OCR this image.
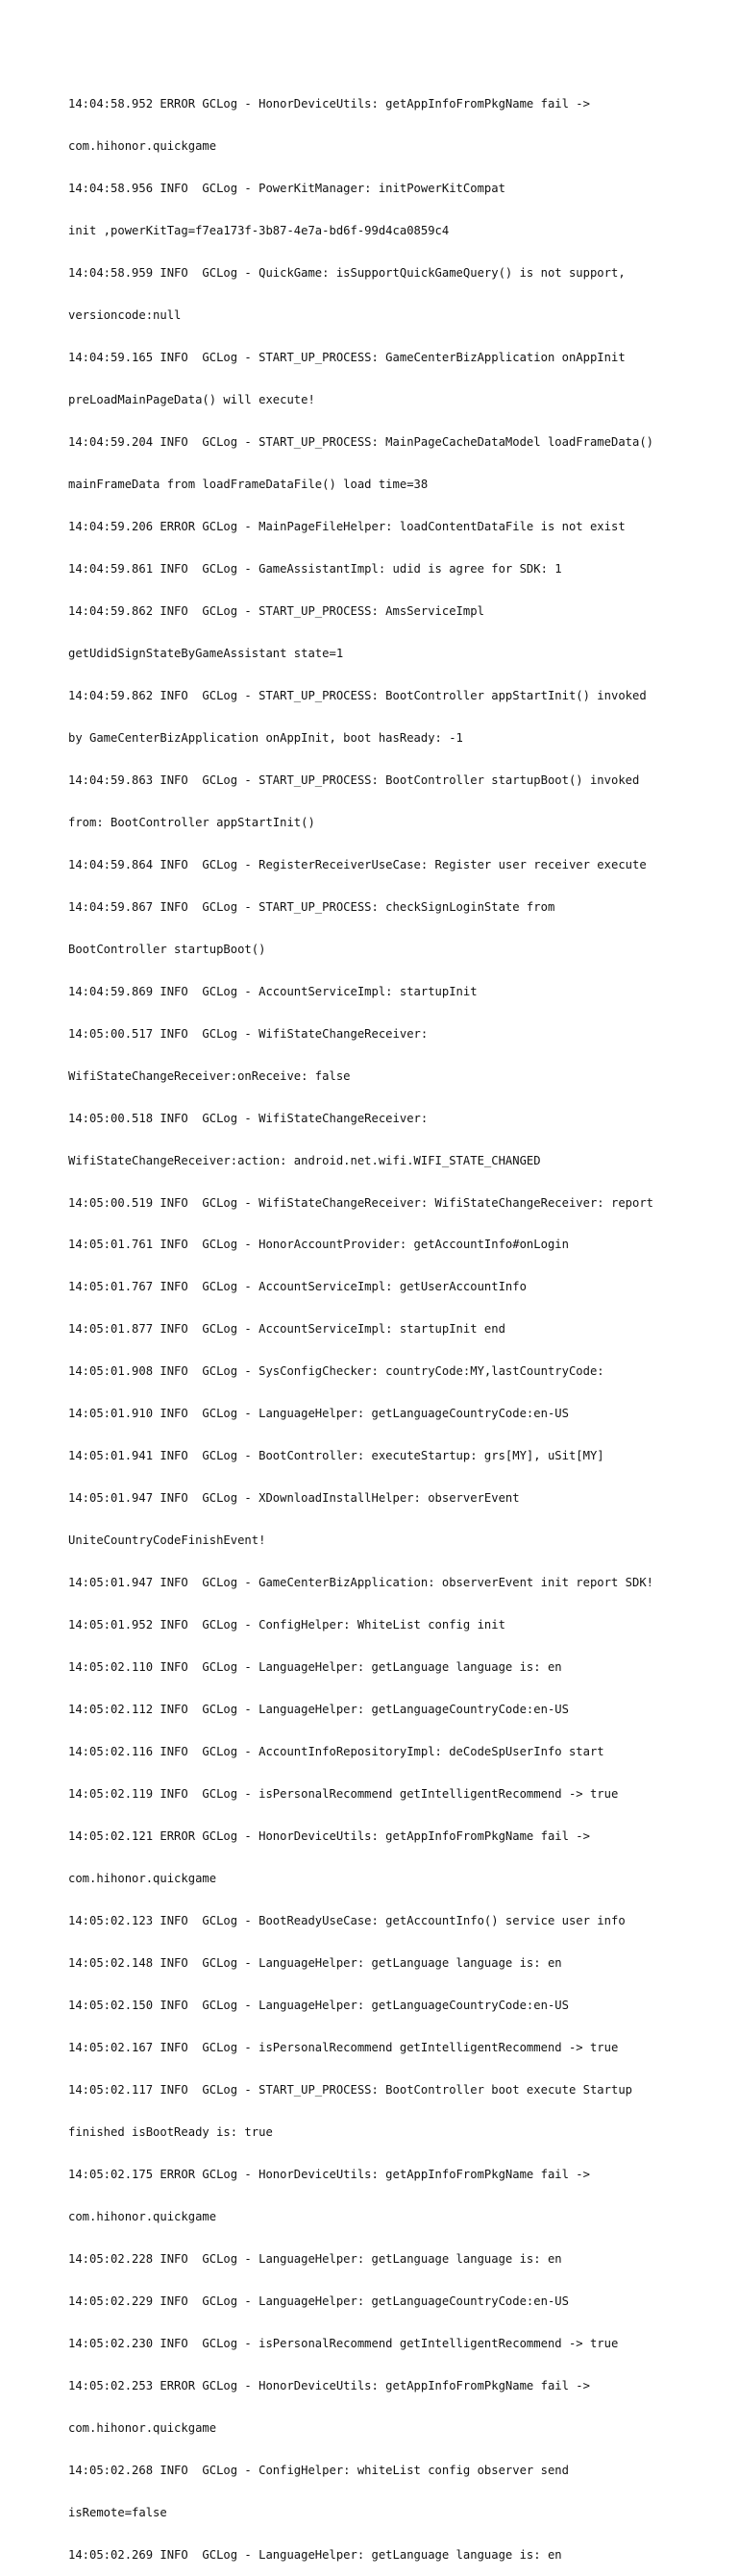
14:04:58.952 ERROR GCLog - HonorDeviceUtils: getAppInfoFromPkgName fail ->

com.hihonor.quickgame

14:04:58.956 INFO  GCLog - PowerKitManager: initPowerKitCompat

init ,powerKitTag=f7ea173f-3b87-4e7a-bd6f-99d4ca0859c4

14:04:58.959 INFO  GCLog - QuickGame: isSupportQuickGameQuery() is not support,

versioncode:null

14:04:59.165 INFO  GCLog - START_UP_PROCESS: GameCenterBizApplication onAppInit

preLoadMainPageData() will execute!

14:04:59.204 INFO  GCLog - START_UP_PROCESS: MainPageCacheDataModel loadFrameData()

mainFrameData from loadFrameDataFile() load time=38

14:04:59.206 ERROR GCLog - MainPageFileHelper: loadContentDataFile is not exist

14:04:59.861 INFO  GCLog - GameAssistantImpl: udid is agree for SDK: 1

14:04:59.862 INFO  GCLog - START_UP_PROCESS: AmsServiceImpl

getUdidSignStateByGameAssistant state=1

14:04:59.862 INFO  GCLog - START_UP_PROCESS: BootController appStartInit() invoked

by GameCenterBizApplication onAppInit, boot hasReady: -1

14:04:59.863 INFO  GCLog - START_UP_PROCESS: BootController startupBoot() invoked

from: BootController appStartInit()

14:04:59.864 INFO  GCLog - RegisterReceiverUseCase: Register user receiver execute

14:04:59.867 INFO  GCLog - START_UP_PROCESS: checkSignLoginState from

BootController startupBoot()

14:04:59.869 INFO  GCLog - AccountServiceImpl: startupInit

14:05:00.517 INFO  GCLog - WifiStateChangeReceiver:

WifiStateChangeReceiver:onReceive: false

14:05:00.518 INFO  GCLog - WifiStateChangeReceiver:

WifiStateChangeReceiver:action: android.net.wifi.WIFI_STATE_CHANGED

14:05:00.519 INFO  GCLog - WifiStateChangeReceiver: WifiStateChangeReceiver: report

14:05:01.761 INFO  GCLog - HonorAccountProvider: getAccountInfo#onLogin

14:05:01.767 INFO  GCLog - AccountServiceImpl: getUserAccountInfo

14:05:01.877 INFO  GCLog - AccountServiceImpl: startupInit end

14:05:01.908 INFO  GCLog - SysConfigChecker: countryCode:MY,lastCountryCode:

14:05:01.910 INFO  GCLog - LanguageHelper: getLanguageCountryCode:en-US

14:05:01.941 INFO  GCLog - BootController: executeStartup: grs[MY], uSit[MY]

14:05:01.947 INFO  GCLog - XDownloadInstallHelper: observerEvent

UniteCountryCodeFinishEvent!

14:05:01.947 INFO  GCLog - GameCenterBizApplication: observerEvent init report SDK!

14:05:01.952 INFO  GCLog - ConfigHelper: WhiteList config init

14:05:02.110 INFO  GCLog - LanguageHelper: getLanguage language is: en

14:05:02.112 INFO  GCLog - LanguageHelper: getLanguageCountryCode:en-US

14:05:02.116 INFO  GCLog - AccountInfoRepositoryImpl: deCodeSpUserInfo start

14:05:02.119 INFO  GCLog - isPersonalRecommend getIntelligentRecommend -> true

14:05:02.121 ERROR GCLog - HonorDeviceUtils: getAppInfoFromPkgName fail ->

com.hihonor.quickgame

14:05:02.123 INFO  GCLog - BootReadyUseCase: getAccountInfo() service user info

14:05:02.148 INFO  GCLog - LanguageHelper: getLanguage language is: en

14:05:02.150 INFO  GCLog - LanguageHelper: getLanguageCountryCode:en-US

14:05:02.167 INFO  GCLog - isPersonalRecommend getIntelligentRecommend -> true

14:05:02.117 INFO  GCLog - START_UP_PROCESS: BootController boot execute Startup

finished isBootReady is: true

14:05:02.175 ERROR GCLog - HonorDeviceUtils: getAppInfoFromPkgName fail ->

com.hihonor.quickgame

14:05:02.228 INFO  GCLog - LanguageHelper: getLanguage language is: en

14:05:02.229 INFO  GCLog - LanguageHelper: getLanguageCountryCode:en-US

14:05:02.230 INFO  GCLog - isPersonalRecommend getIntelligentRecommend -> true

14:05:02.253 ERROR GCLog - HonorDeviceUtils: getAppInfoFromPkgName fail ->

com.hihonor.quickgame

14:05:02.268 INFO  GCLog - ConfigHelper: whiteList config observer send

isRemote=false

14:05:02.269 INFO  GCLog - LanguageHelper: getLanguage language is: en
